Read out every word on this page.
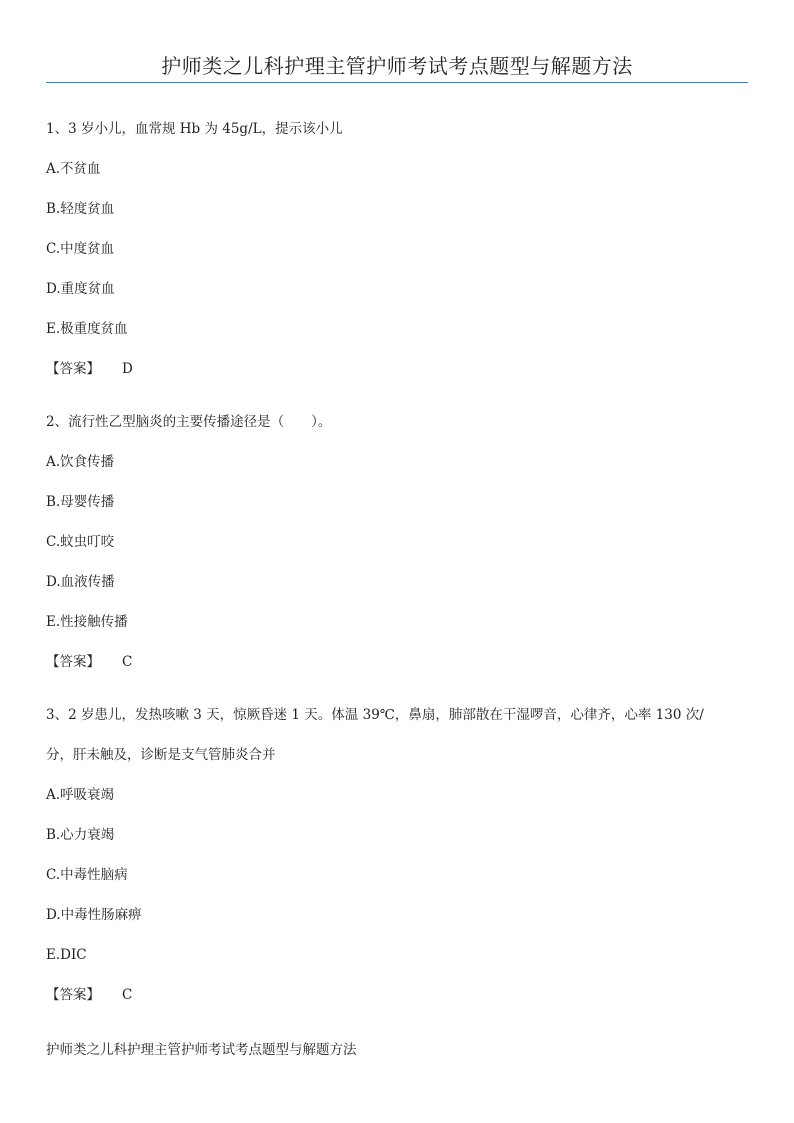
护师类之儿科护理主管护师考试考点题型与解题方法
1、3 岁小儿，血常规 Hb 为 45g/L，提示该小儿
A.不贫血
B.轻度贫血
C.中度贫血
D.重度贫血
E.极重度贫血
【答案】 D
2、流行性乙型脑炎的主要传播途径是（　　）。
A.饮食传播
B.母婴传播
C.蚊虫叮咬
D.血液传播
E.性接触传播
【答案】 C
3、2 岁患儿，发热咳嗽 3 天，惊厥昏迷 1 天。体温 39℃，鼻扇，肺部散在干湿啰音，心律齐，心率 130 次/
分，肝未触及，诊断是支气管肺炎合并
A.呼吸衰竭
B.心力衰竭
C.中毒性脑病
D.中毒性肠麻痹
E.DIC
【答案】 C
护师类之儿科护理主管护师考试考点题型与解题方法
